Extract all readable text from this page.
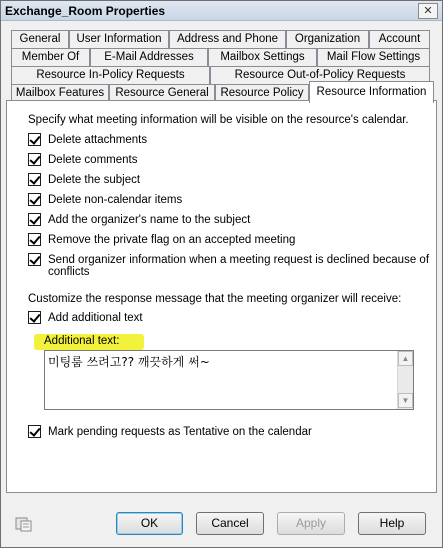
Exchange_Room Properties	✕
General	User Information	Address and Phone	Organization	Account
Member Of	E-Mail Addresses	Mailbox Settings	Mail Flow Settings
Resource In-Policy Requests	Resource Out-of-Policy Requests
Mailbox Features Resource General	Resource Policy	Resource Information
Specify what meeting information will be visible on the resource's calendar.
Delete attachments
Delete comments
Delete the subject
Delete non-calendar items
Add the organizer's name to the subject
Remove the private flag on an accepted meeting
Send organizer information when a meeting request is declined because of
conflicts
Customize the response message that the meeting organizer will receive:
Add additional text
Additional text:
미팅룸 쓰려고?? 깨끗하게 써~	▲
▼
Mark pending requests as Tentative on the calendar
OK	Cancel	Apply	Help
